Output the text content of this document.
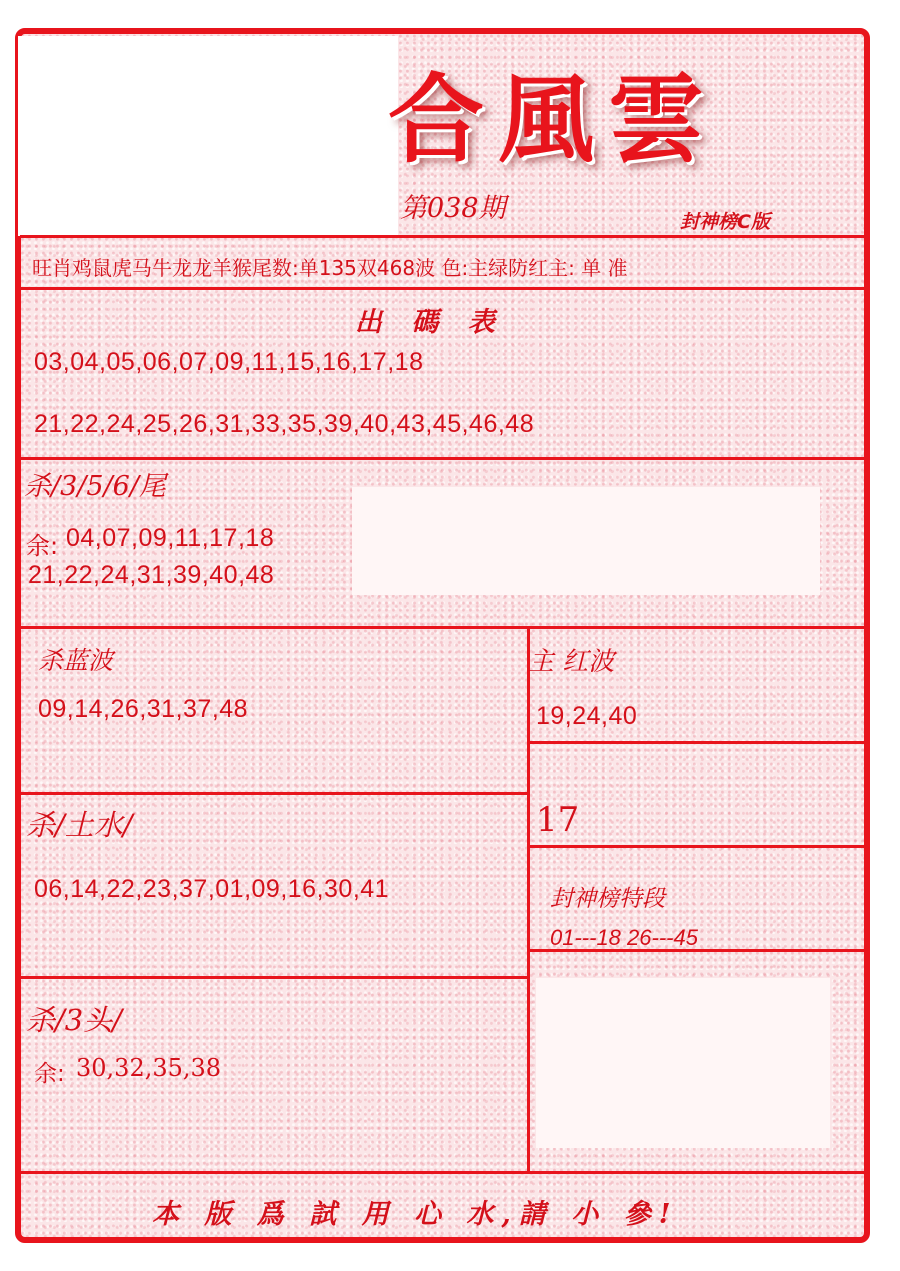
合風雲
第038期	封神榜C版
旺肖鸡鼠虎马牛龙龙羊猴尾数:单135双468波 色:主绿防红主: 单 准
出 碼 表
03,04,05,06,07,09,11,15,16,17,18
21,22,24,25,26,31,33,35,39,40,43,45,46,48
杀/3/5/6/尾
余: 04,07,09,11,17,18
21,22,24,31,39,40,48
杀蓝波
09,14,26,31,37,48
主 红波
19,24,40
杀/土水/
06,14,22,23,37,01,09,16,30,41
17
封神榜特段
01---18 26---45
杀/3头/
余: 30,32,35,38
本 版 爲 試 用 心 水,請 小 參!
